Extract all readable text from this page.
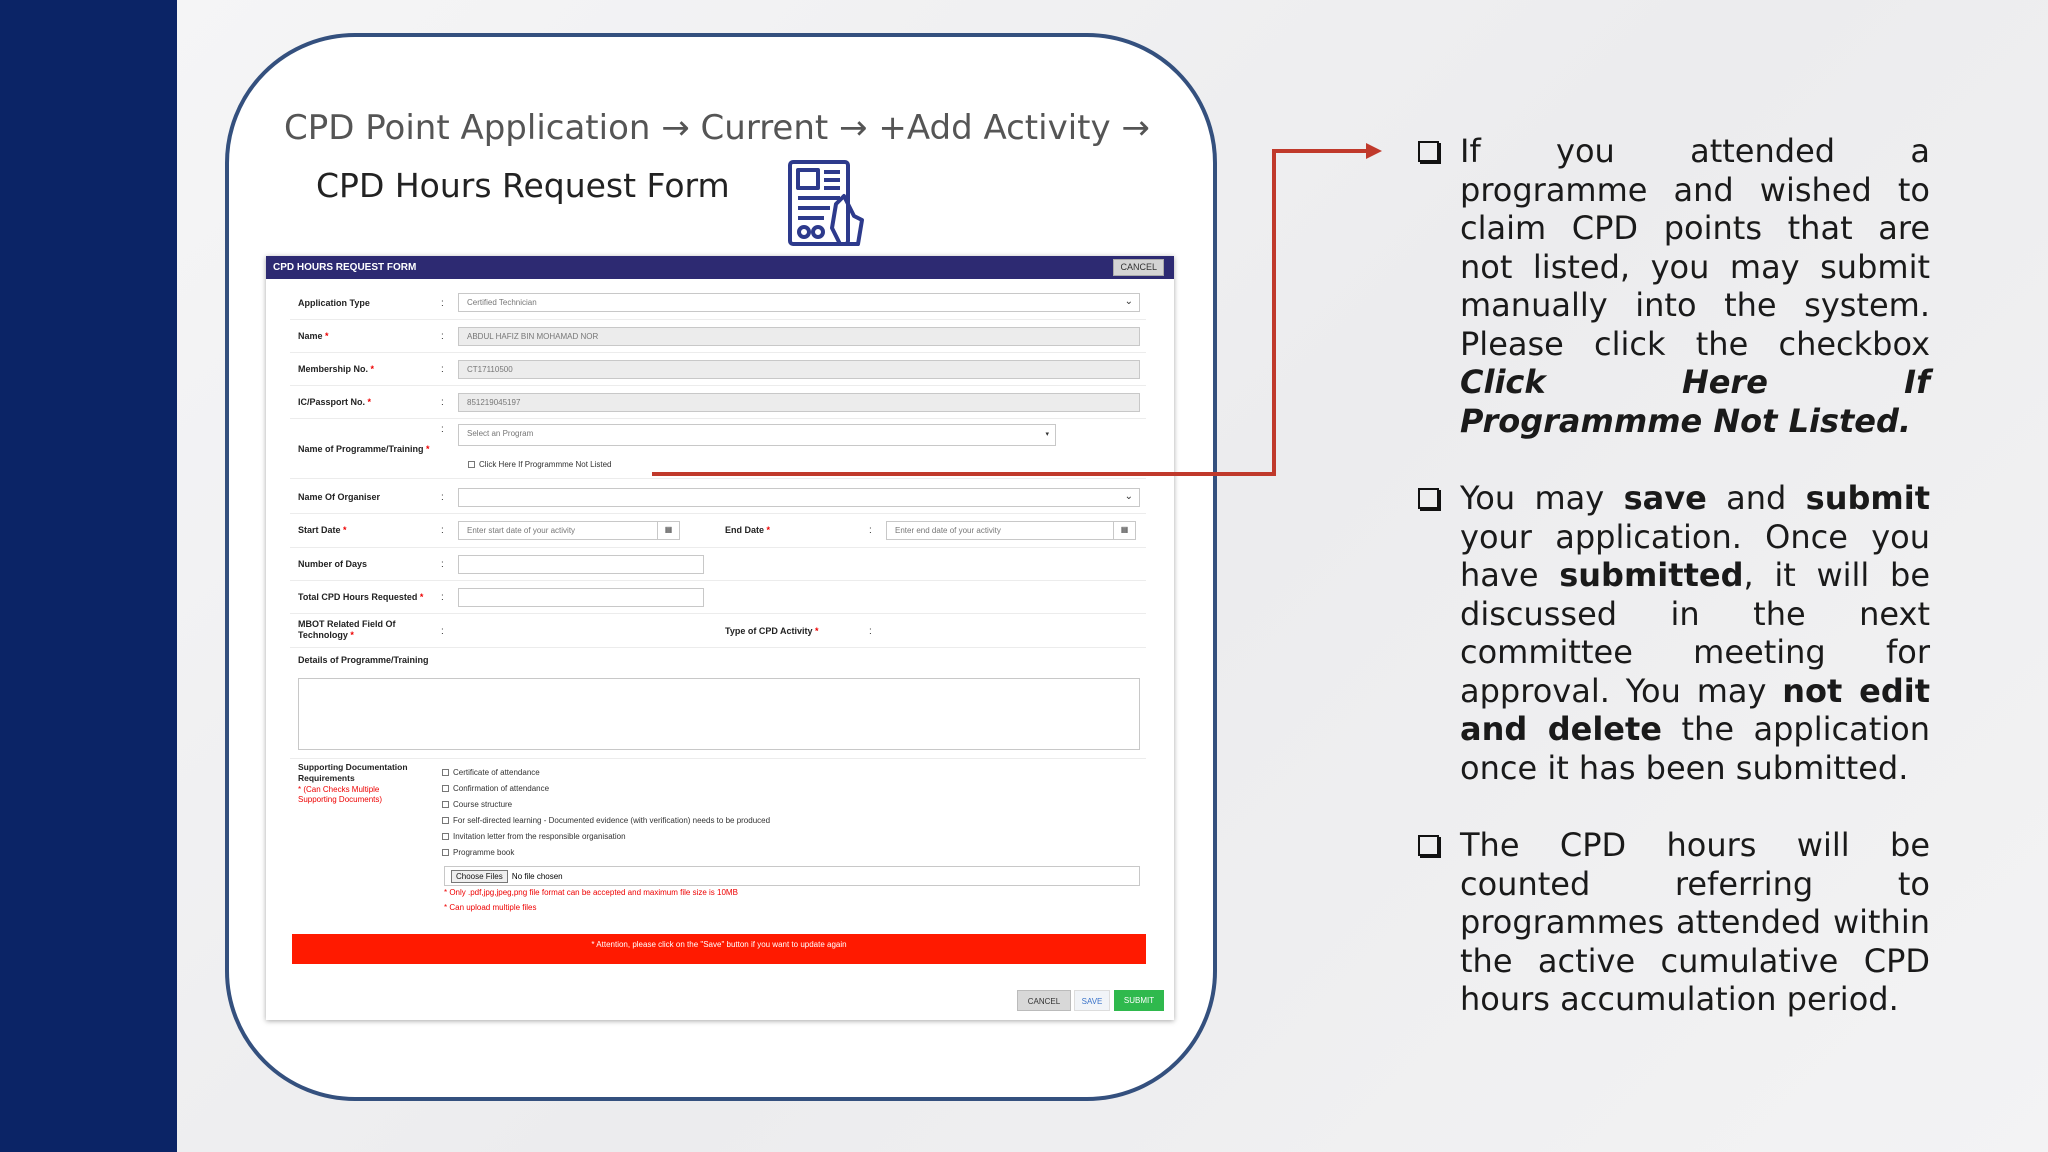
CPD Point Application → Current → +Add Activity →
CPD Hours Request Form
CPD HOURS REQUEST FORM	CANCEL
Application Type	:	Certified Technician	⌄
Name *	:	ABDUL HAFIZ BIN MOHAMAD NOR
Membership No. *	:	CT17110500
IC/Passport No. *	:	851219045197
Name of Programme/Training *
:	Select an Program	▾
Click Here If Programmme Not Listed
Name Of Organiser	:	⌄
Start Date *	:	Enter start date of your activity	▦	End Date *	:	Enter end date of your activity	▦
Number of Days	:
Total CPD Hours Requested * :
MBOT Related Field Of
Technology *	:	Type of CPD Activity *	:
Details of Programme/Training
Supporting Documentation
Requirements
* (Can Checks Multiple
Supporting Documents)
Certificate of attendance
Confirmation of attendance
Course structure
For self-directed learning - Documented evidence (with verification) needs to be produced
Invitation letter from the responsible organisation
Programme book
Choose Files No file chosen
* Only .pdf,jpg,jpeg,png file format can be accepted and maximum file size is 10MB
* Can upload multiple files
* Attention, please click on the "Save" button if you want to update again
CANCEL	SAVE	SUBMIT
If you attended a programme and wished to claim CPD points that are not listed, you may submit manually into the system. Please click the checkbox Click Here If Programmme Not Listed.
You may save and submit your application. Once you have submitted, it will be discussed in the next committee meeting for approval. You may not edit and delete the application once it has been submitted.
The CPD hours will be counted referring to programmes attended within the active cumulative CPD hours accumulation period.
